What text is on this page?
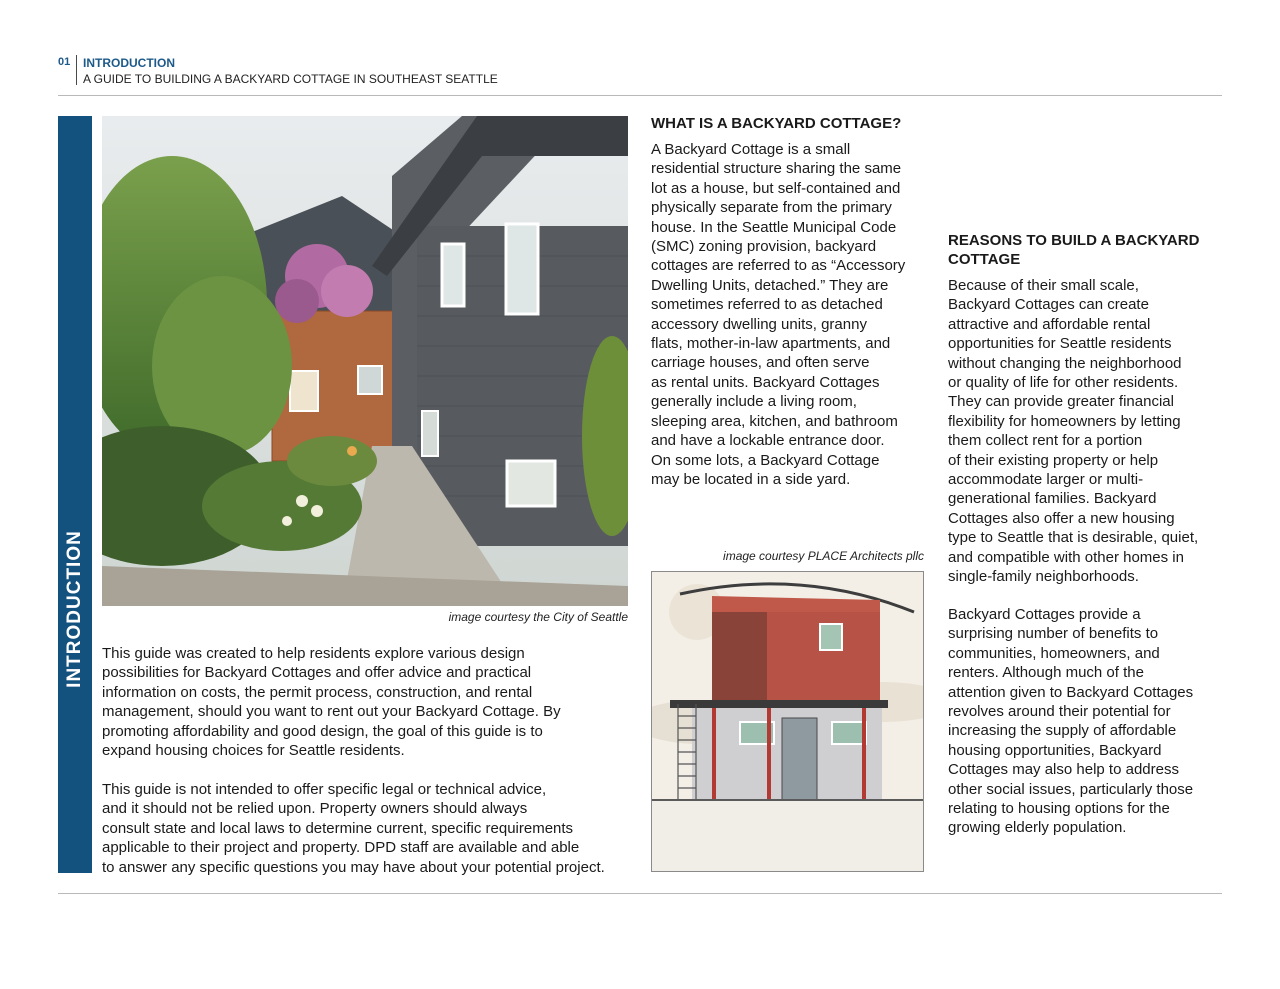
01 INTRODUCTION
A GUIDE TO BUILDING A BACKYARD COTTAGE IN SOUTHEAST SEATTLE
INTRODUCTION	image courtesy the City of Seattle
This guide was created to help residents explore various design
possibilities for Backyard Cottages and offer advice and practical
information on costs, the permit process, construction, and rental
management, should you want to rent out your Backyard Cottage. By
promoting affordability and good design, the goal of this guide is to
expand housing choices for Seattle residents.
This guide is not intended to offer specific legal or technical advice,
and it should not be relied upon. Property owners should always
consult state and local laws to determine current, specific requirements
applicable to their project and property. DPD staff are available and able
to answer any specific questions you may have about your potential project.
WHAT IS A BACKYARD COTTAGE?
A Backyard Cottage is a small
residential structure sharing the same
lot as a house, but self-contained and
physically separate from the primary
house. In the Seattle Municipal Code
(SMC) zoning provision, backyard
cottages are referred to as “Accessory
Dwelling Units, detached.” They are
sometimes referred to as detached
accessory dwelling units, granny
flats, mother-in-law apartments, and
carriage houses, and often serve
as rental units. Backyard Cottages
generally include a living room,
sleeping area, kitchen, and bathroom
and have a lockable entrance door.
On some lots, a Backyard Cottage
may be located in a side yard.
image courtesy PLACE Architects pllc
REASONS TO BUILD A BACKYARD
COTTAGE
Because of their small scale,
Backyard Cottages can create
attractive and affordable rental
opportunities for Seattle residents
without changing the neighborhood
or quality of life for other residents.
They can provide greater financial
flexibility for homeowners by letting
them collect rent for a portion
of their existing property or help
accommodate larger or multi-
generational families. Backyard
Cottages also offer a new housing
type to Seattle that is desirable, quiet,
and compatible with other homes in
single-family neighborhoods.
Backyard Cottages provide a
surprising number of benefits to
communities, homeowners, and
renters. Although much of the
attention given to Backyard Cottages
revolves around their potential for
increasing the supply of affordable
housing opportunities, Backyard
Cottages may also help to address
other social issues, particularly those
relating to housing options for the
growing elderly population.
